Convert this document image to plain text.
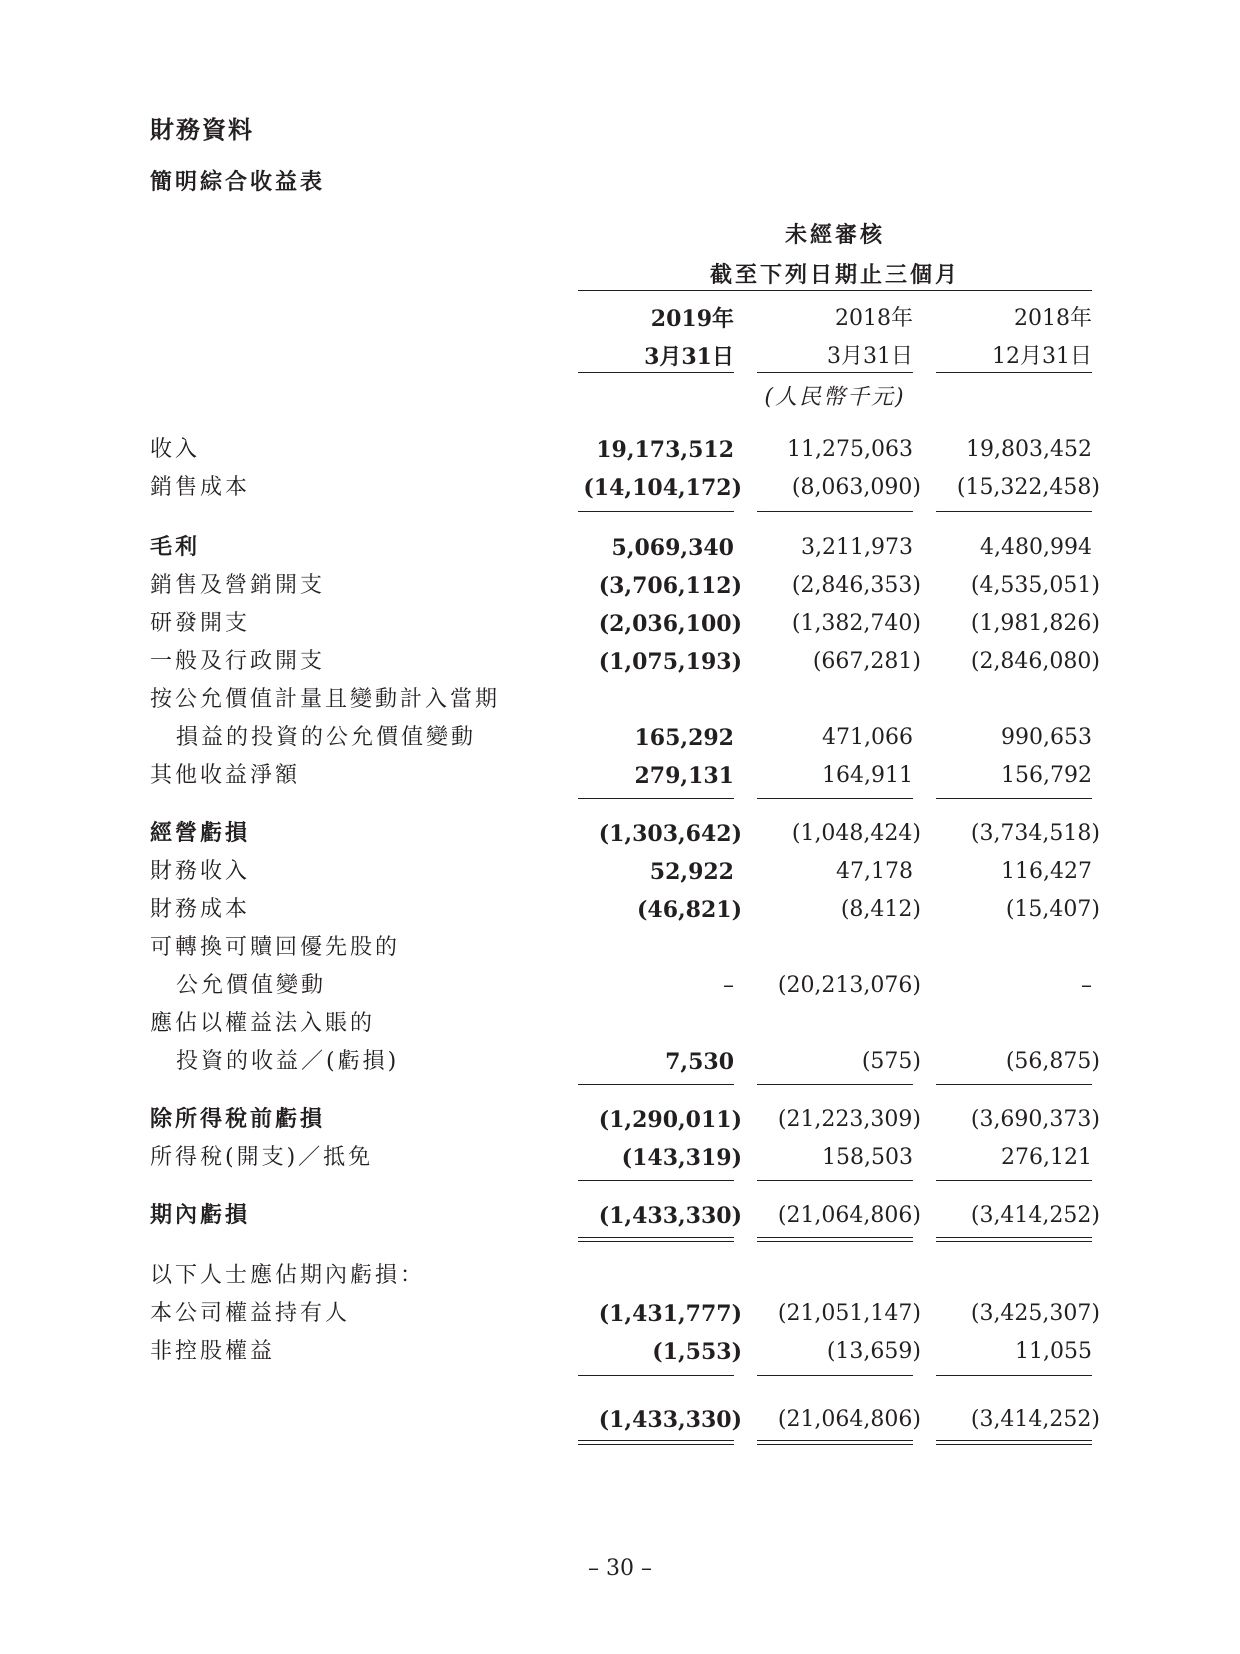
財務資料
簡明綜合收益表
未經審核
截至下列日期止三個月
2019年
3月31日
2018年
3月31日
2018年
12月31日
(人民幣千元)
收入	19,173,512 11,275,063 19,803,452
銷售成本	(14,104,172) (8,063,090) (15,322,458)
毛利	5,069,340	3,211,973	4,480,994
銷售及營銷開支	(3,706,112) (2,846,353) (4,535,051)
研發開支	(2,036,100) (1,382,740) (1,981,826)
一般及行政開支	(1,075,193)	(667,281) (2,846,080)
按公允價值計量且變動計入當期
損益的投資的公允價值變動	165,292	471,066	990,653
其他收益淨額	279,131	164,911	156,792
經營虧損	(1,303,642) (1,048,424) (3,734,518)
財務收入	52,922	47,178	116,427
財務成本	(46,821)	(8,412)	(15,407)
可轉換可贖回優先股的
公允價值變動	– (20,213,076)	–
應佔以權益法入賬的
投資的收益／(虧損)	7,530	(575)	(56,875)
除所得稅前虧損	(1,290,011) (21,223,309) (3,690,373)
所得稅(開支)／抵免	(143,319)	158,503	276,121
期內虧損	(1,433,330) (21,064,806) (3,414,252)
以下人士應佔期內虧損：
本公司權益持有人	(1,431,777) (21,051,147) (3,425,307)
非控股權益	(1,553)	(13,659)	11,055
(1,433,330) (21,064,806) (3,414,252)
– 30 –
